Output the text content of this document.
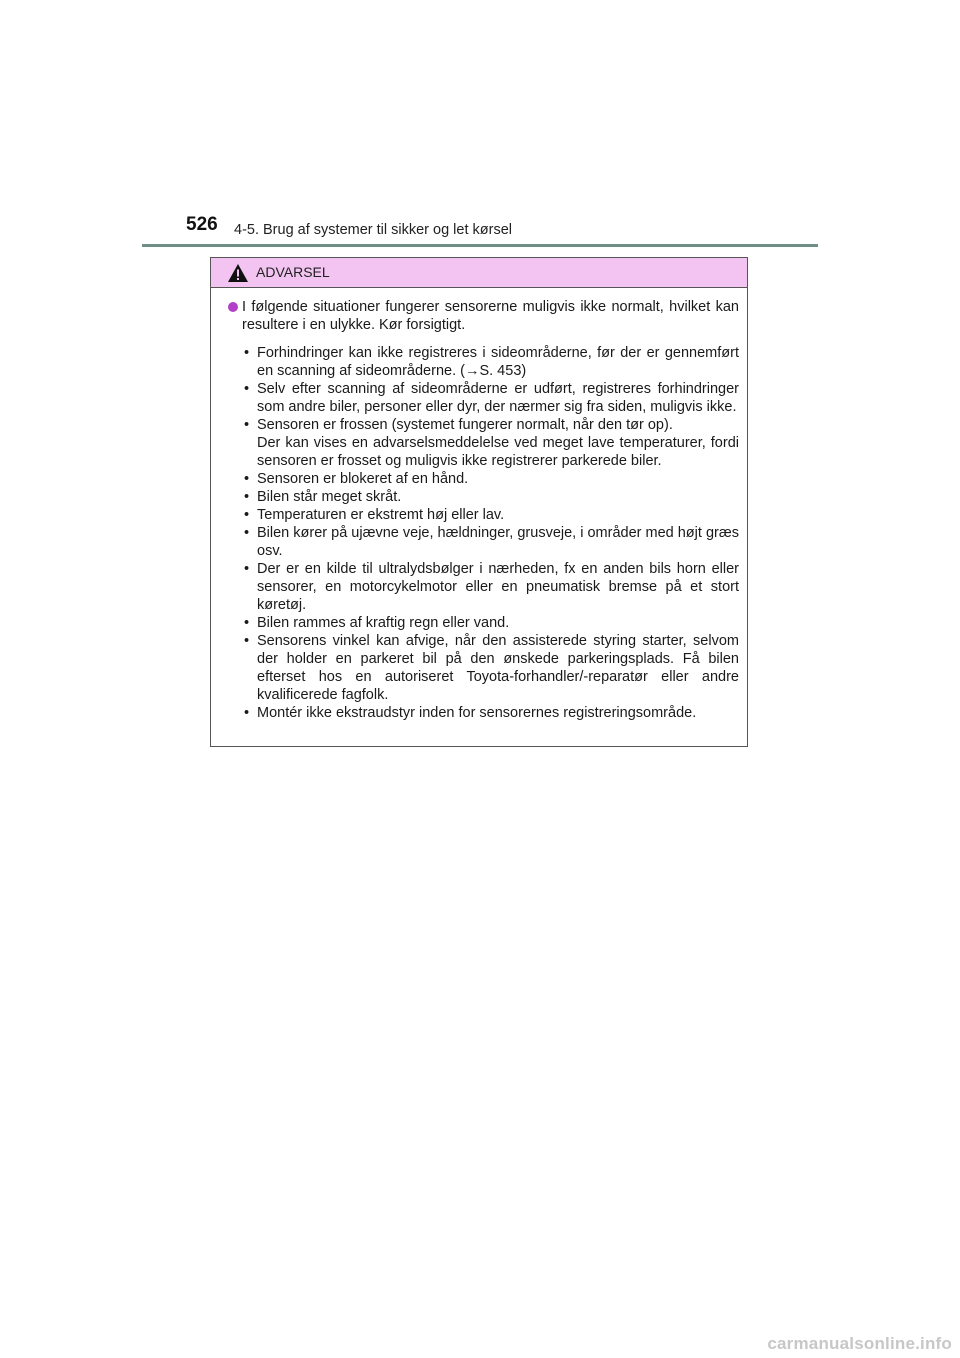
526 4-5. Brug af systemer til sikker og let kørsel
ADVARSEL
I følgende situationer fungerer sensorerne muligvis ikke normalt, hvilket kan resultere i en ulykke. Kør forsigtigt.
• Forhindringer kan ikke registreres i sideområderne, før der er gennemført en scanning af sideområderne. (→S. 453)
• Selv efter scanning af sideområderne er udført, registreres forhindringer som andre biler, personer eller dyr, der nærmer sig fra siden, muligvis ikke.
• Sensoren er frossen (systemet fungerer normalt, når den tør op).
Der kan vises en advarselsmeddelelse ved meget lave temperaturer, fordi sensoren er frosset og muligvis ikke registrerer parkerede biler.
• Sensoren er blokeret af en hånd.
• Bilen står meget skråt.
• Temperaturen er ekstremt høj eller lav.
• Bilen kører på ujævne veje, hældninger, grusveje, i områder med højt græs osv.
• Der er en kilde til ultralydsbølger i nærheden, fx en anden bils horn eller sensorer, en motorcykelmotor eller en pneumatisk bremse på et stort køretøj.
• Bilen rammes af kraftig regn eller vand.
• Sensorens vinkel kan afvige, når den assisterede styring starter, selvom der holder en parkeret bil på den ønskede parkeringsplads. Få bilen efterset hos en autoriseret Toyota-forhandler/-reparatør eller andre kvalificerede fagfolk.
• Montér ikke ekstraudstyr inden for sensorernes registreringsområde.
carmanualsonline.info
